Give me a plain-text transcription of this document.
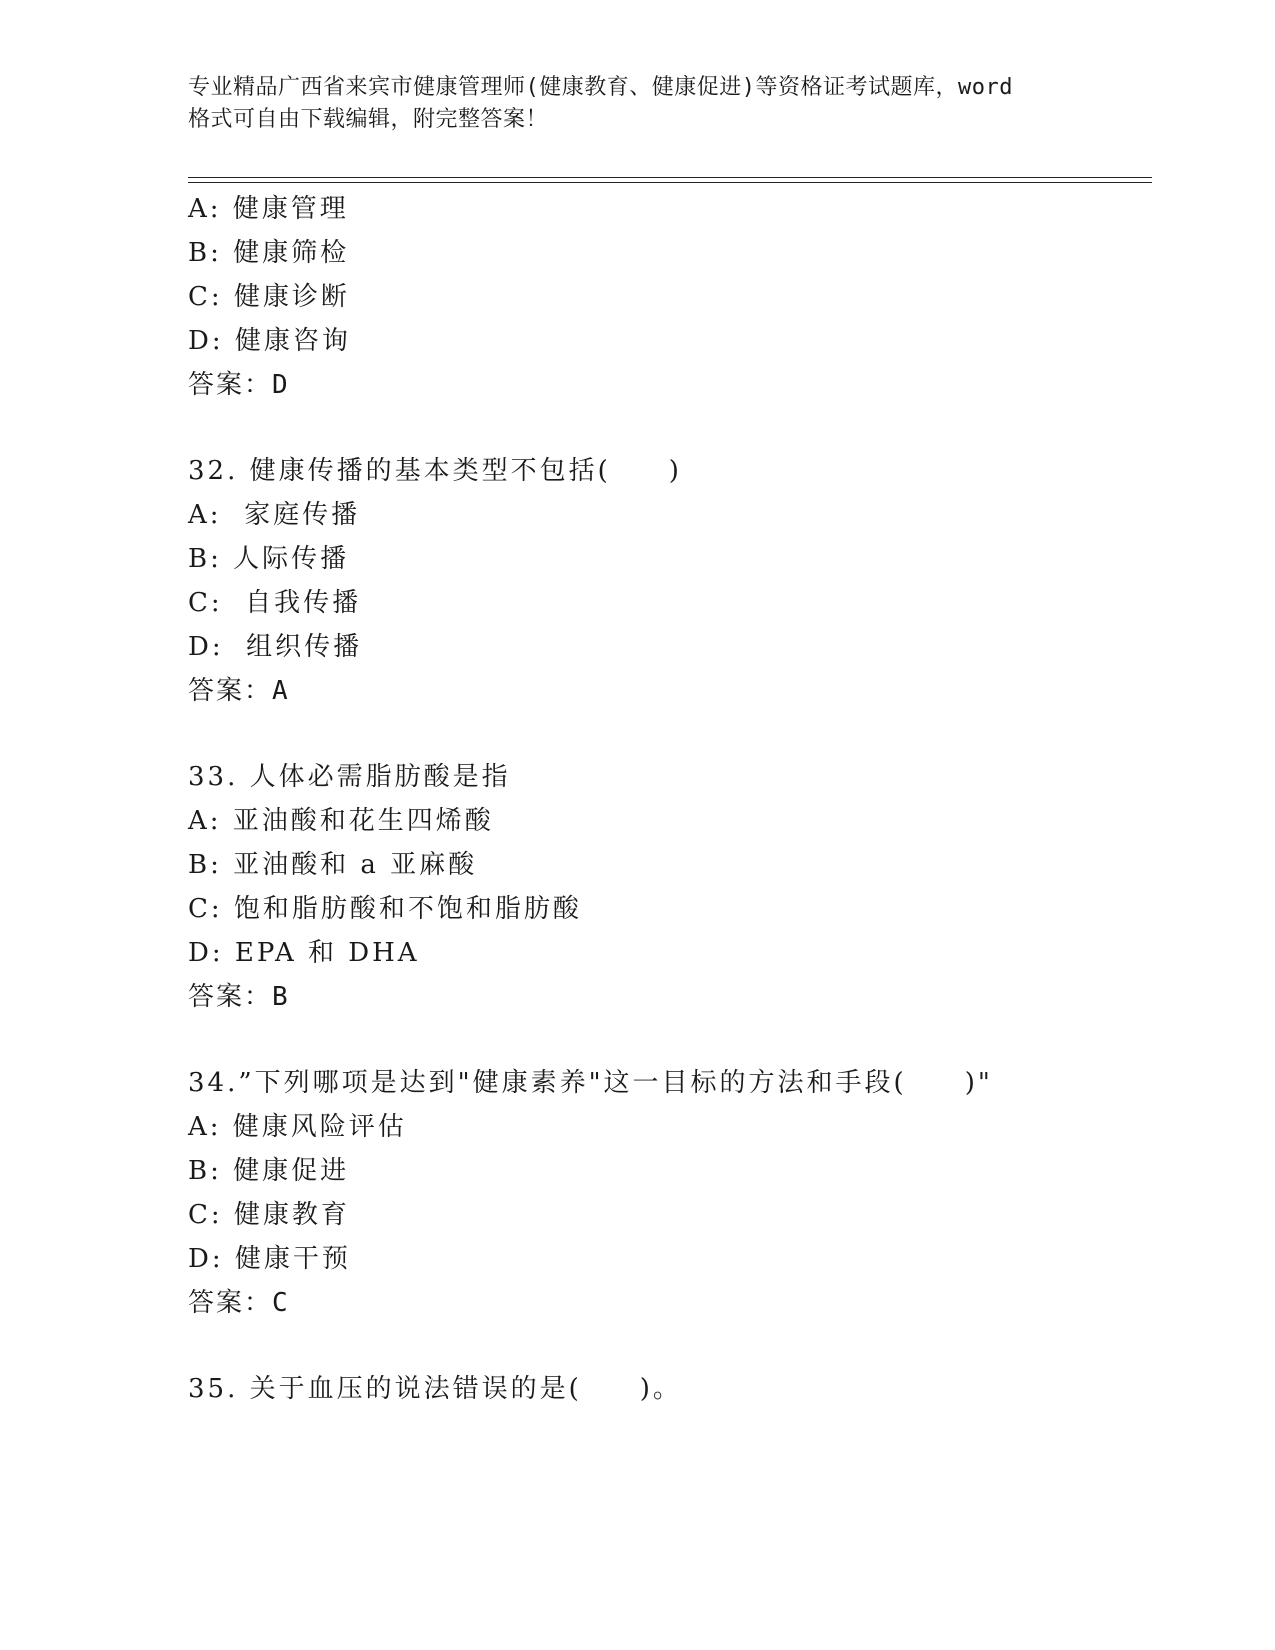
专业精品广西省来宾市健康管理师(健康教育、健康促进)等资格证考试题库，word
格式可自由下载编辑，附完整答案！
A: 健康管理
B: 健康筛检
C: 健康诊断
D: 健康咨询
答案：D
32. 健康传播的基本类型不包括(　　)
A:  家庭传播
B: 人际传播
C:  自我传播
D:  组织传播
答案：A
33. 人体必需脂肪酸是指
A: 亚油酸和花生四烯酸
B: 亚油酸和 a 亚麻酸
C: 饱和脂肪酸和不饱和脂肪酸
D: EPA 和 DHA
答案：B
34.”下列哪项是达到"健康素养"这一目标的方法和手段(　　)"
A: 健康风险评估
B: 健康促进
C: 健康教育
D: 健康干预
答案：C
35. 关于血压的说法错误的是(　　)。
